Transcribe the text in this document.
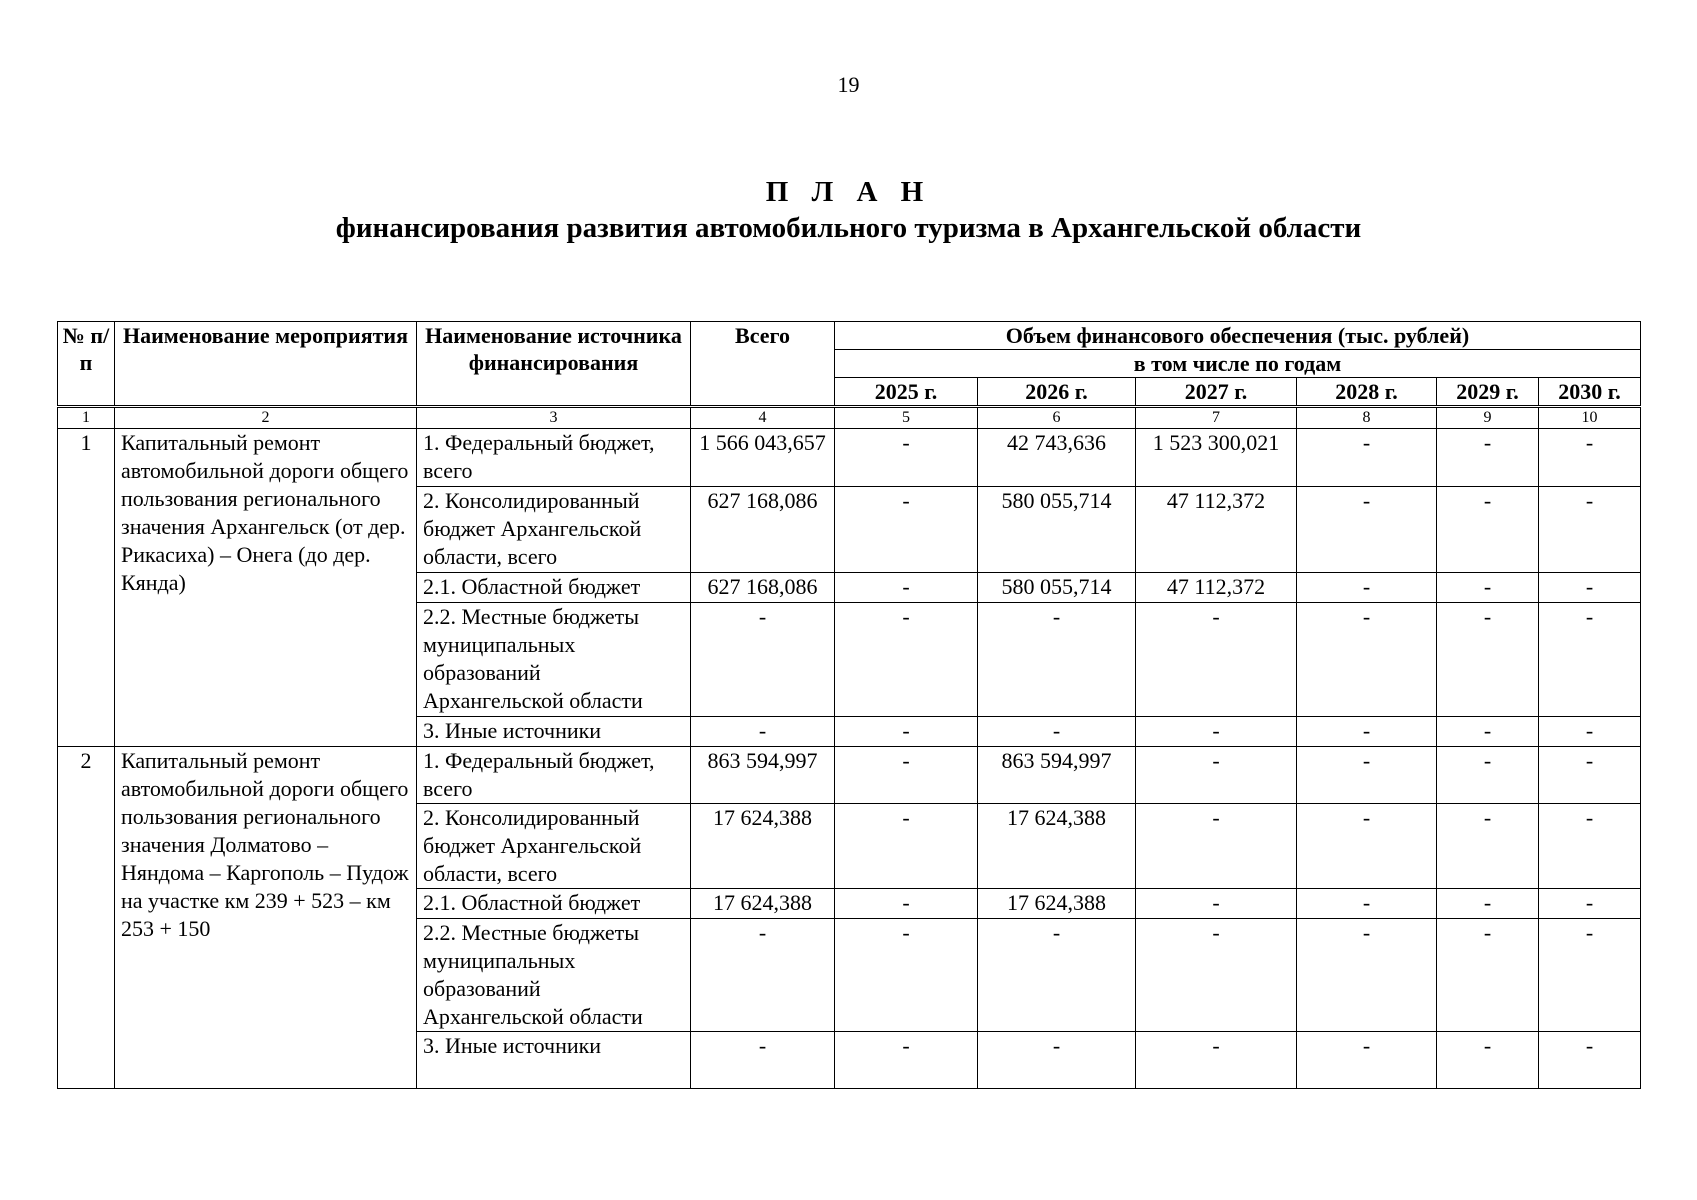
19
П Л А Н
финансирования развития автомобильного туризма в Архангельской области
№ п/п	Наименование мероприятия	Наименование источника финансирования	Всего	Объем финансового обеспечения (тыс. рублей)					
				в том числе по годам					
				2025 г.	2026 г.	2027 г.	2028 г.	2029 г.	2030 г.
1	2	3	4	5	6	7	8	9	10
1	Капитальный ремонт автомобильной дороги общего пользования регионального значения Архангельск (от дер. Рикасиха) – Онега (до дер. Кянда)	1. Федеральный бюджет, всего	1 566 043,657	-	42 743,636	1 523 300,021	-	-	-
		2. Консолидированный бюджет Архангельской области, всего	627 168,086	-	580 055,714	47 112,372	-	-	-
		2.1. Областной бюджет	627 168,086	-	580 055,714	47 112,372	-	-	-
		2.2. Местные бюджеты муниципальных образований Архангельской области	-	-	-	-	-	-	-
		3. Иные источники	-	-	-	-	-	-	-
2	Капитальный ремонт автомобильной дороги общего пользования регионального значения Долматово – Няндома – Каргополь – Пудож на участке км 239 + 523 – км 253 + 150	1. Федеральный бюджет, всего	863 594,997	-	863 594,997	-	-	-	-
		2. Консолидированный бюджет Архангельской области, всего	17 624,388	-	17 624,388	-	-	-	-
		2.1. Областной бюджет	17 624,388	-	17 624,388	-	-	-	-
		2.2. Местные бюджеты муниципальных образований Архангельской области	-	-	-	-	-	-	-
		3. Иные источники	-	-	-	-	-	-	-
